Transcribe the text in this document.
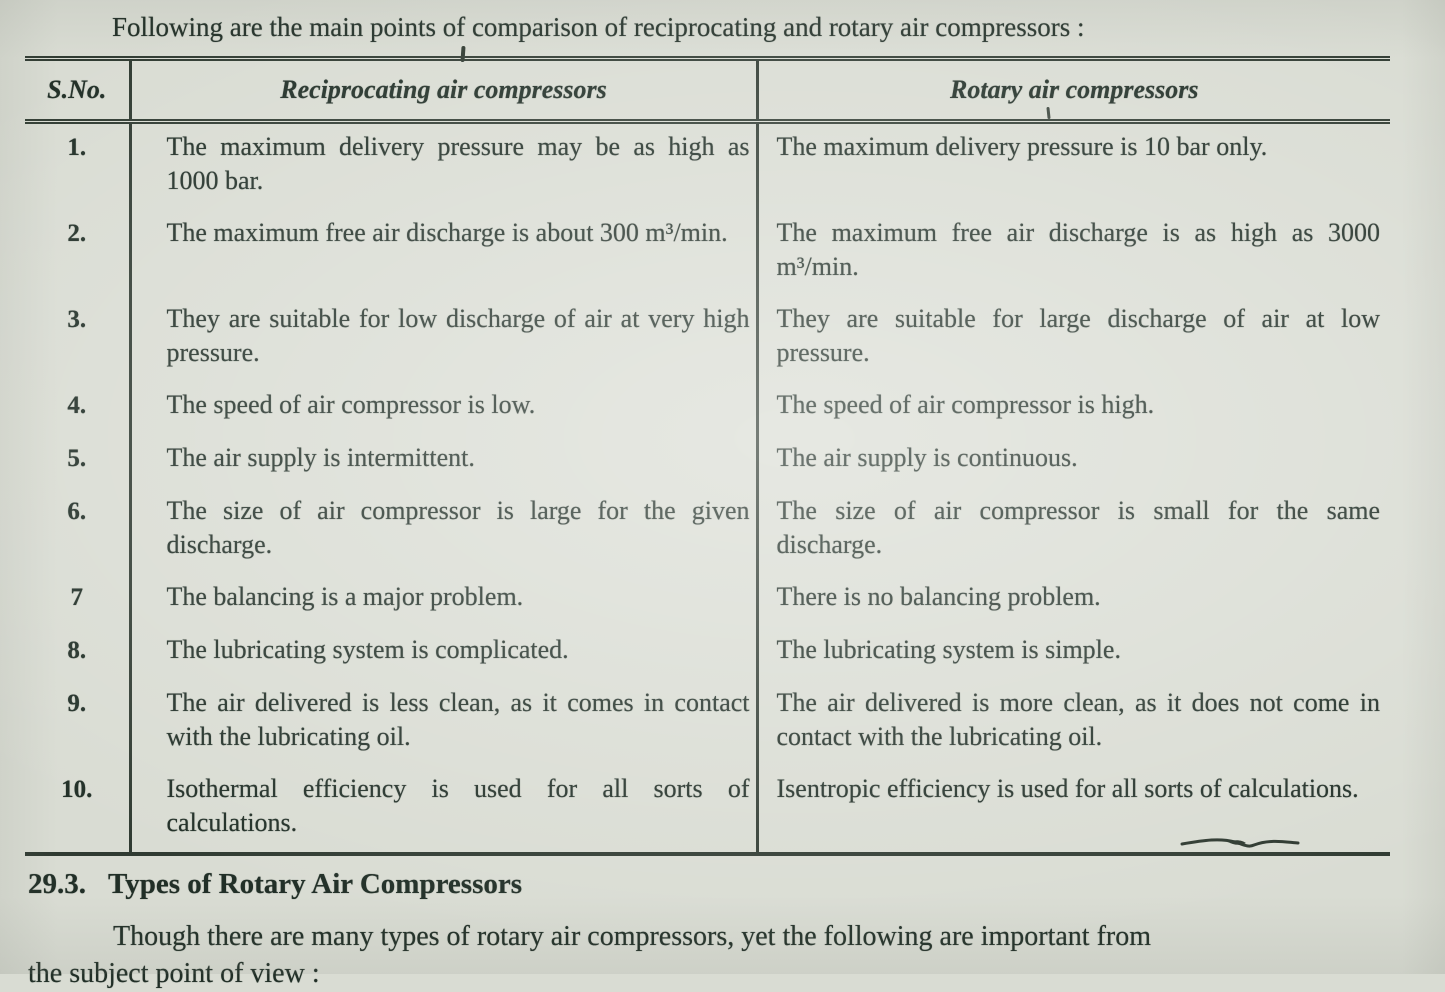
Following are the main points of comparison of reciprocating and rotary air compressors :
S.No.	Reciprocating air compressors	Rotary air compressors
1.	The maximum delivery pressure may be as high as 1000 bar.	The maximum delivery pressure is 10 bar only.
2.	The maximum free air discharge is about 300 m³/min.	The maximum free air discharge is as high as 3000 m³/min.
3.	They are suitable for low discharge of air at very high pressure.	They are suitable for large discharge of air at low pressure.
4.	The speed of air compressor is low.	The speed of air compressor is high.
5.	The air supply is intermittent.	The air supply is continuous.
6.	The size of air compressor is large for the given discharge.	The size of air compressor is small for the same discharge.
7	The balancing is a major problem.	There is no balancing problem.
8.	The lubricating system is complicated.	The lubricating system is simple.
9.	The air delivered is less clean, as it comes in contact with the lubricating oil.	The air delivered is more clean, as it does not come in contact with the lubricating oil.
10.	Isothermal efficiency is used for all sorts of calculations.	Isentropic efficiency is used for all sorts of calculations.
29.3. Types of Rotary Air Compressors
Though there are many types of rotary air compressors, yet the following are important from
the subject point of view :
